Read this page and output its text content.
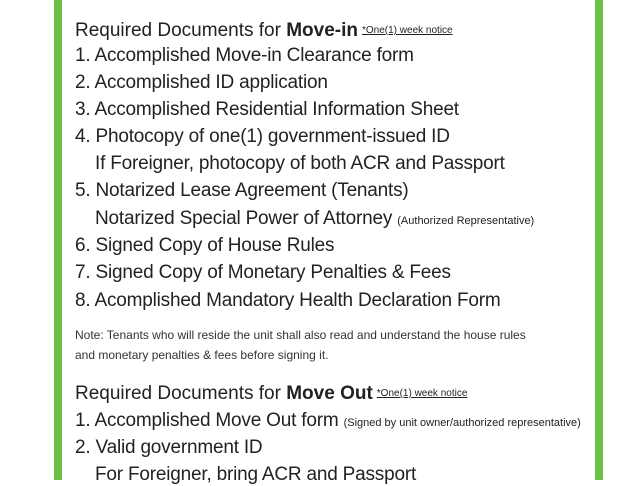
Required Documents for Move-in *One(1) week notice
1. Accomplished Move-in Clearance form
2. Accomplished ID application
3. Accomplished Residential Information Sheet
4. Photocopy of one(1) government-issued ID
If Foreigner, photocopy of both ACR and Passport
5. Notarized Lease Agreement (Tenants)
Notarized Special Power of Attorney (Authorized Representative)
6. Signed Copy of House Rules
7. Signed Copy of Monetary Penalties & Fees
8. Acomplished Mandatory Health Declaration Form
Note: Tenants who will reside the unit shall also read and understand the house rules
and monetary penalties & fees before signing it.
Required Documents for Move Out *One(1) week notice
1. Accomplished Move Out form (Signed by unit owner/authorized representative)
2. Valid government ID
For Foreigner, bring ACR and Passport
